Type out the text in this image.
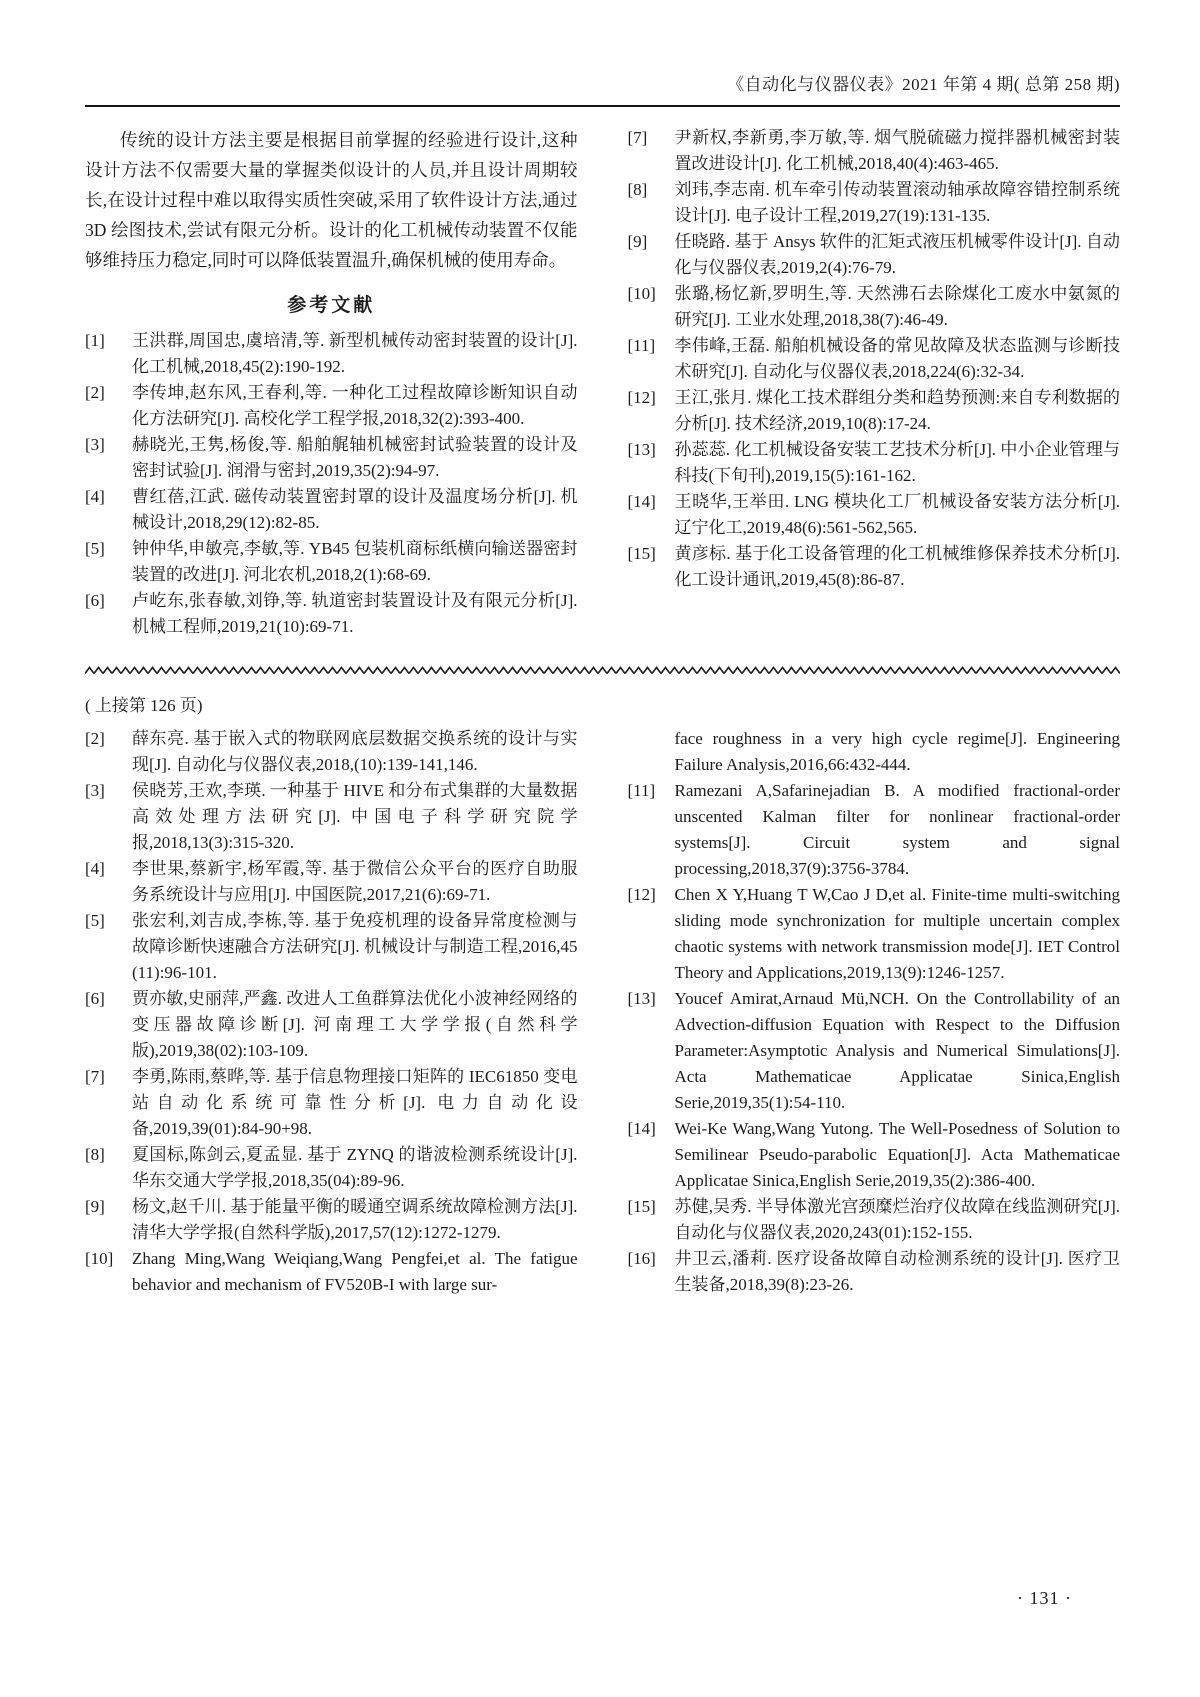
《自动化与仪器仪表》2021 年第 4 期( 总第 258 期)

传统的设计方法主要是根据目前掌握的经验进行设计,这种设计方法不仅需要大量的掌握类似设计的人员,并且设计周期较长,在设计过程中难以取得实质性突破,采用了软件设计方法,通过 3D 绘图技术,尝试有限元分析。设计的化工机械传动装置不仅能够维持压力稳定,同时可以降低装置温升,确保机械的使用寿命。

参考文献
[1]	王洪群,周国忠,虞培清,等. 新型机械传动密封装置的设计[J]. 化工机械,2018,45(2):190-192.
[2]	李传坤,赵东风,王春利,等. 一种化工过程故障诊断知识自动化方法研究[J]. 高校化学工程学报,2018,32(2):393-400.
[3]	赫晓光,王隽,杨俊,等. 船舶艉轴机械密封试验装置的设计及密封试验[J]. 润滑与密封,2019,35(2):94-97.
[4]	曹红蓓,江武. 磁传动装置密封罩的设计及温度场分析[J]. 机械设计,2018,29(12):82-85.
[5]	钟仲华,申敏亮,李敏,等. YB45 包装机商标纸横向输送器密封装置的改进[J]. 河北农机,2018,2(1):68-69.
[6]	卢屹东,张春敏,刘铮,等. 轨道密封装置设计及有限元分析[J]. 机械工程师,2019,21(10):69-71.
[7]	尹新权,李新勇,李万敏,等. 烟气脱硫磁力搅拌器机械密封装置改进设计[J]. 化工机械,2018,40(4):463-465.
[8]	刘玮,李志南. 机车牵引传动装置滚动轴承故障容错控制系统设计[J]. 电子设计工程,2019,27(19):131-135.
[9]	任晓路. 基于 Ansys 软件的汇矩式液压机械零件设计[J]. 自动化与仪器仪表,2019,2(4):76-79.
[10]	张璐,杨忆新,罗明生,等. 天然沸石去除煤化工废水中氨氮的研究[J]. 工业水处理,2018,38(7):46-49.
[11]	李伟峰,王磊. 船舶机械设备的常见故障及状态监测与诊断技术研究[J]. 自动化与仪器仪表,2018,224(6):32-34.
[12]	王江,张月. 煤化工技术群组分类和趋势预测:来自专利数据的分析[J]. 技术经济,2019,10(8):17-24.
[13]	孙蕊蕊. 化工机械设备安装工艺技术分析[J]. 中小企业管理与科技(下旬刊),2019,15(5):161-162.
[14]	王晓华,王举田. LNG 模块化工厂机械设备安装方法分析[J]. 辽宁化工,2019,48(6):561-562,565.
[15]	黄彦标. 基于化工设备管理的化工机械维修保养技术分析[J]. 化工设计通讯,2019,45(8):86-87.
( 上接第 126 页)
[2]	薛东亮. 基于嵌入式的物联网底层数据交换系统的设计与实现[J]. 自动化与仪器仪表,2018,(10):139-141,146.
[3]	侯晓芳,王欢,李瑛. 一种基于 HIVE 和分布式集群的大量数据高效处理方法研究[J]. 中国电子科学研究院学报,2018,13(3):315-320.
[4]	李世果,蔡新宇,杨军霞,等. 基于微信公众平台的医疗自助服务系统设计与应用[J]. 中国医院,2017,21(6):69-71.
[5]	张宏利,刘吉成,李栋,等. 基于免疫机理的设备异常度检测与故障诊断快速融合方法研究[J]. 机械设计与制造工程,2016,45 (11):96-101.
[6]	贾亦敏,史丽萍,严鑫. 改进人工鱼群算法优化小波神经网络的变压器故障诊断[J]. 河南理工大学学报(自然科学版),2019,38(02):103-109.
[7]	李勇,陈雨,蔡晔,等. 基于信息物理接口矩阵的 IEC61850 变电站自动化系统可靠性分析[J]. 电力自动化设备,2019,39(01):84-90+98.
[8]	夏国标,陈剑云,夏孟显. 基于 ZYNQ 的谐波检测系统设计[J]. 华东交通大学学报,2018,35(04):89-96.
[9]	杨文,赵千川. 基于能量平衡的暖通空调系统故障检测方法[J]. 清华大学学报(自然科学版),2017,57(12):1272-1279.
[10]	Zhang Ming,Wang Weiqiang,Wang Pengfei,et al. The fatigue behavior and mechanism of FV520B-I with large sur-
face roughness in a very high cycle regime[J]. Engineering Failure Analysis,2016,66:432-444.
[11]	Ramezani A,Safarinejadian B. A modified fractional-order unscented Kalman filter for nonlinear fractional-order systems[J]. Circuit system and signal processing,2018,37(9):3756-3784.
[12]	Chen X Y,Huang T W,Cao J D,et al. Finite-time multi-switching sliding mode synchronization for multiple uncertain complex chaotic systems with network transmission mode[J]. IET Control Theory and Applications,2019,13(9):1246-1257.
[13]	Youcef Amirat,Arnaud Mü,NCH. On the Controllability of an Advection-diffusion Equation with Respect to the Diffusion Parameter:Asymptotic Analysis and Numerical Simulations[J]. Acta Mathematicae Applicatae Sinica,English Serie,2019,35(1):54-110.
[14]	Wei-Ke Wang,Wang Yutong. The Well-Posedness of Solution to Semilinear Pseudo-parabolic Equation[J]. Acta Mathematicae Applicatae Sinica,English Serie,2019,35(2):386-400.
[15]	苏健,吴秀. 半导体激光宫颈糜烂治疗仪故障在线监测研究[J]. 自动化与仪器仪表,2020,243(01):152-155.
[16]	井卫云,潘莉. 医疗设备故障自动检测系统的设计[J]. 医疗卫生装备,2018,39(8):23-26.
· 131 ·
